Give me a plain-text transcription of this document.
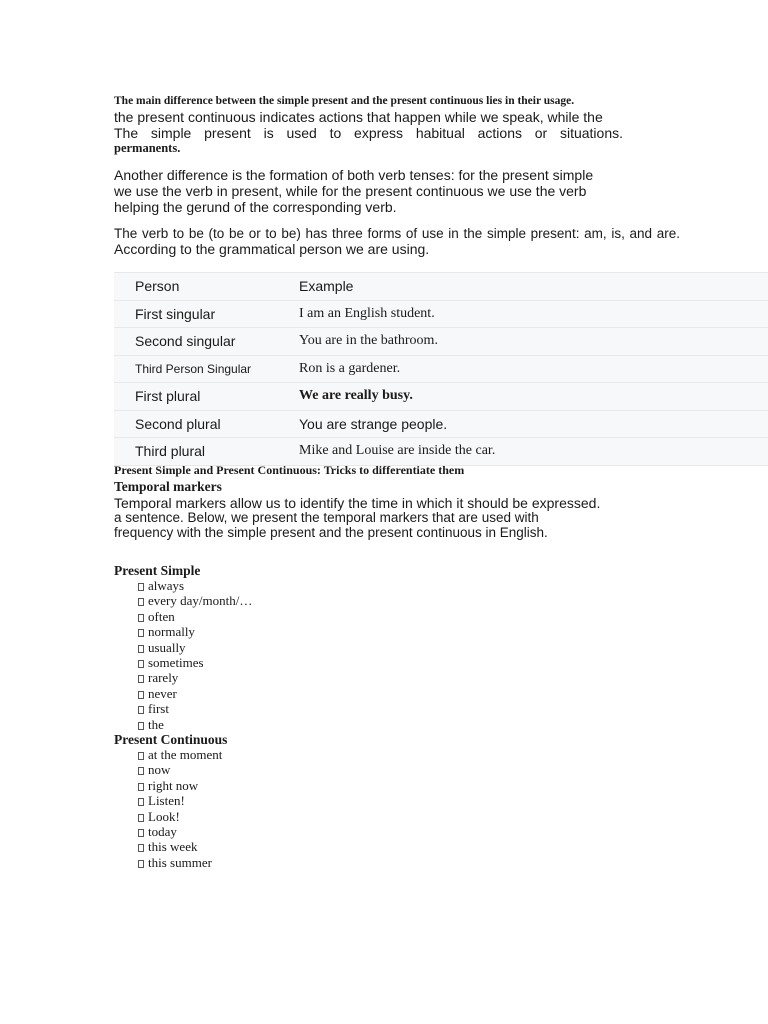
The main difference between the simple present and the present continuous lies in their usage.
the present continuous indicates actions that happen while we speak, while the
The simple present is used to express habitual actions or situations.
permanents.
Another difference is the formation of both verb tenses: for the present simple
we use the verb in present, while for the present continuous we use the verb
helping the gerund of the corresponding verb.
The verb to be (to be or to be) has three forms of use in the simple present: am, is, and are.
According to the grammatical person we are using.
Person	Example
First singular	I am an English student.
Second singular	You are in the bathroom.
Third Person Singular	Ron is a gardener.
First plural	We are really busy.
Second plural	You are strange people.
Third plural	Mike and Louise are inside the car.
Present Simple and Present Continuous: Tricks to differentiate them
Temporal markers
Temporal markers allow us to identify the time in which it should be expressed.
a sentence. Below, we present the temporal markers that are used with
frequency with the simple present and the present continuous in English.
Present Simple
always
every day/month/…
often
normally
usually
sometimes
rarely
never
first
the
Present Continuous
at the moment
now
right now
Listen!
Look!
today
this week
this summer
